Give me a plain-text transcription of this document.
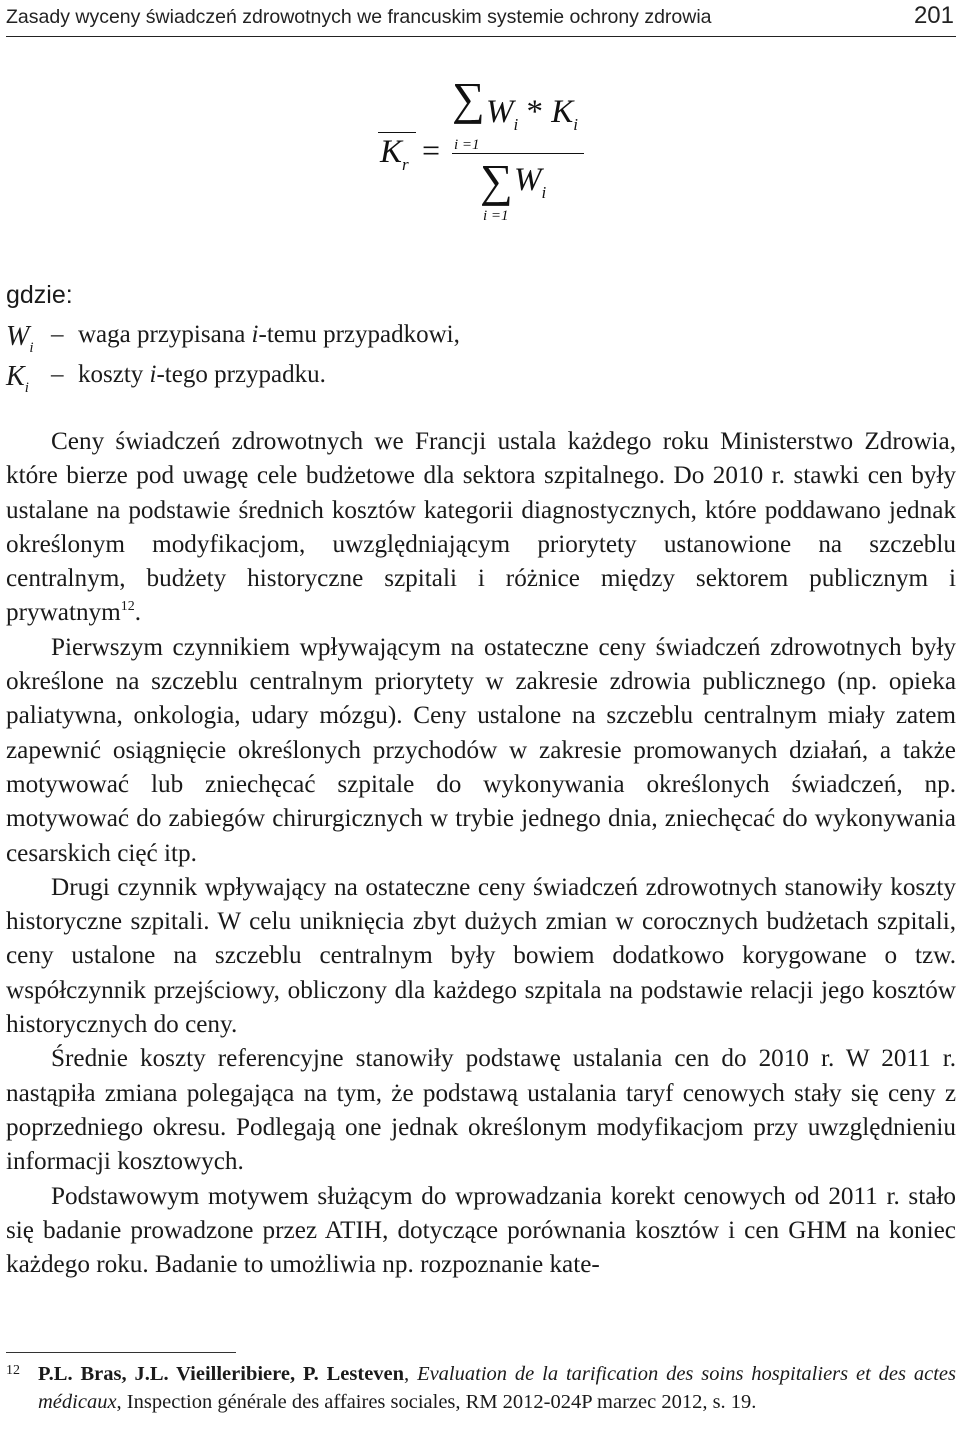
Zasady wyceny świadczeń zdrowotnych we francuskim systemie ochrony zdrowia	201
$K_r$ =
∑
i =1
$W_i * K_i$
∑
i =1
$W_i$
gdzie:
$W_i$ – waga przypisana i-temu przypadkowi,
$K_i$ – koszty i-tego przypadku.

Ceny świadczeń zdrowotnych we Francji ustala każdego roku Ministerstwo Zdrowia, które bierze pod uwagę cele budżetowe dla sektora szpitalnego. Do 2010 r. stawki cen były ustalane na podstawie średnich kosztów kategorii diagnostycznych, które poddawano jednak określonym modyfikacjom, uwzględniającym priorytety ustanowione na szczeblu centralnym, budżety historyczne szpitali i różnice między sektorem publicznym i prywatnym$^{12}$.

Pierwszym czynnikiem wpływającym na ostateczne ceny świadczeń zdrowotnych były określone na szczeblu centralnym priorytety w zakresie zdrowia publicznego (np. opieka paliatywna, onkologia, udary mózgu). Ceny ustalone na szczeblu centralnym miały zatem zapewnić osiągnięcie określonych przychodów w zakresie promowanych działań, a także motywować lub zniechęcać szpitale do wykonywania określonych świadczeń, np. motywować do zabiegów chirurgicznych w trybie jednego dnia, zniechęcać do wykonywania cesarskich cięć itp.

Drugi czynnik wpływający na ostateczne ceny świadczeń zdrowotnych stanowiły koszty historyczne szpitali. W celu uniknięcia zbyt dużych zmian w corocznych budżetach szpitali, ceny ustalone na szczeblu centralnym były bowiem dodatkowo korygowane o tzw. współczynnik przejściowy, obliczony dla każdego szpitala na podstawie relacji jego kosztów historycznych do ceny.

Średnie koszty referencyjne stanowiły podstawę ustalania cen do 2010 r. W 2011 r. nastąpiła zmiana polegająca na tym, że podstawą ustalania taryf cenowych stały się ceny z poprzedniego okresu. Podlegają one jednak określonym modyfikacjom przy uwzględnieniu informacji kosztowych.

Podstawowym motywem służącym do wprowadzania korekt cenowych od 2011 r. stało się badanie prowadzone przez ATIH, dotyczące porównania kosztów i cen GHM na koniec każdego roku. Badanie to umożliwia np. rozpoznanie kate-

12 P.L. Bras, J.L. Vieilleribiere, P. Lesteven, Evaluation de la tarification des soins hospitaliers et des actes médicaux, Inspection générale des affaires sociales, RM 2012-024P marzec 2012, s. 19.
